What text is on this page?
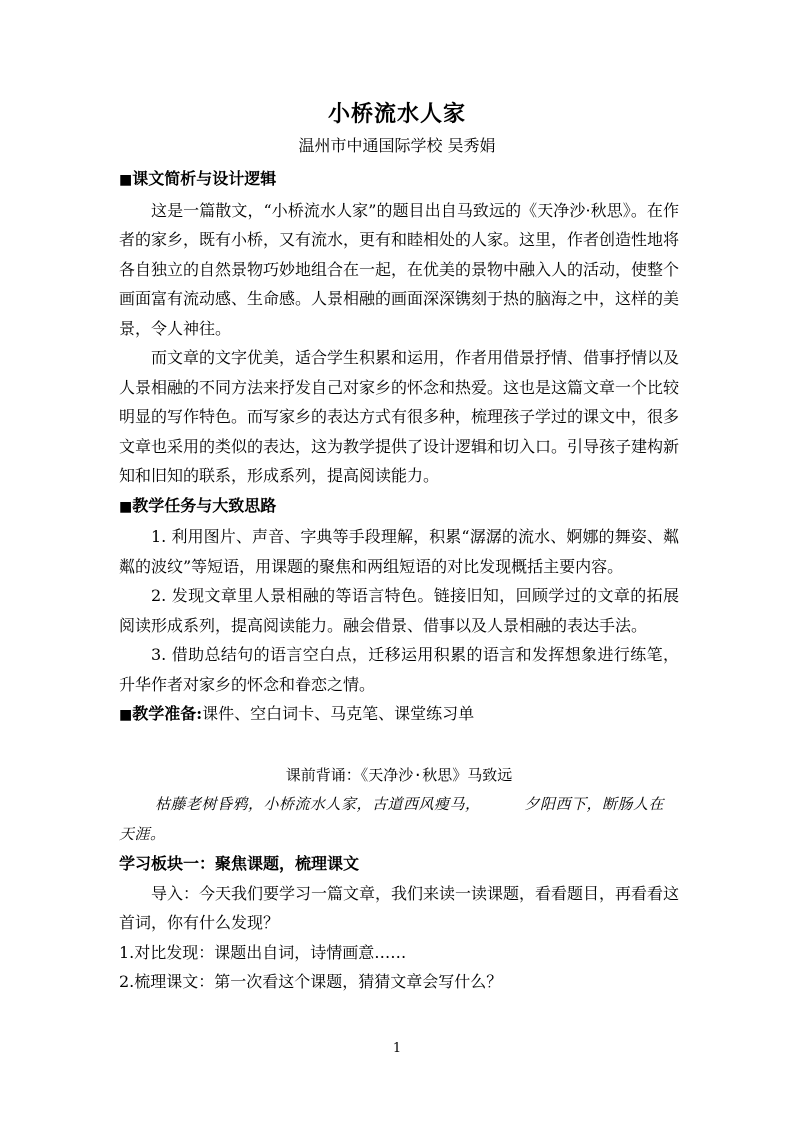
小桥流水人家
温州市中通国际学校 吴秀娟

■课文简析与设计逻辑

这是一篇散文，“小桥流水人家”的题目出自马致远的《天净沙·秋思》。在作者的家乡，既有小桥，又有流水，更有和睦相处的人家。这里，作者创造性地将各自独立的自然景物巧妙地组合在一起，在优美的景物中融入人的活动，使整个画面富有流动感、生命感。人景相融的画面深深镌刻于热的脑海之中，这样的美景，令人神往。

而文章的文字优美，适合学生积累和运用，作者用借景抒情、借事抒情以及人景相融的不同方法来抒发自己对家乡的怀念和热爱。这也是这篇文章一个比较明显的写作特色。而写家乡的表达方式有很多种，梳理孩子学过的课文中，很多文章也采用的类似的表达，这为教学提供了设计逻辑和切入口。引导孩子建构新知和旧知的联系，形成系列，提高阅读能力。

■教学任务与大致思路

1. 利用图片、声音、字典等手段理解，积累“潺潺的流水、婀娜的舞姿、粼粼的波纹”等短语，用课题的聚焦和两组短语的对比发现概括主要内容。

2. 发现文章里人景相融的等语言特色。链接旧知，回顾学过的文章的拓展阅读形成系列，提高阅读能力。融会借景、借事以及人景相融的表达手法。

3. 借助总结句的语言空白点，迁移运用积累的语言和发挥想象进行练笔，升华作者对家乡的怀念和眷恋之情。

■教学准备:课件、空白词卡、马克笔、课堂练习单

课前背诵：《天净沙·秋思》马致远

枯藤老树昏鸦，小桥流水人家，古道西风瘦马，	夕阳西下，断肠人在天涯。

学习板块一：聚焦课题，梳理课文

导入：今天我们要学习一篇文章，我们来读一读课题，看看题目，再看看这首词，你有什么发现？

1.对比发现：课题出自词，诗情画意……

2.梳理课文：第一次看这个课题，猜猜文章会写什么？

1
